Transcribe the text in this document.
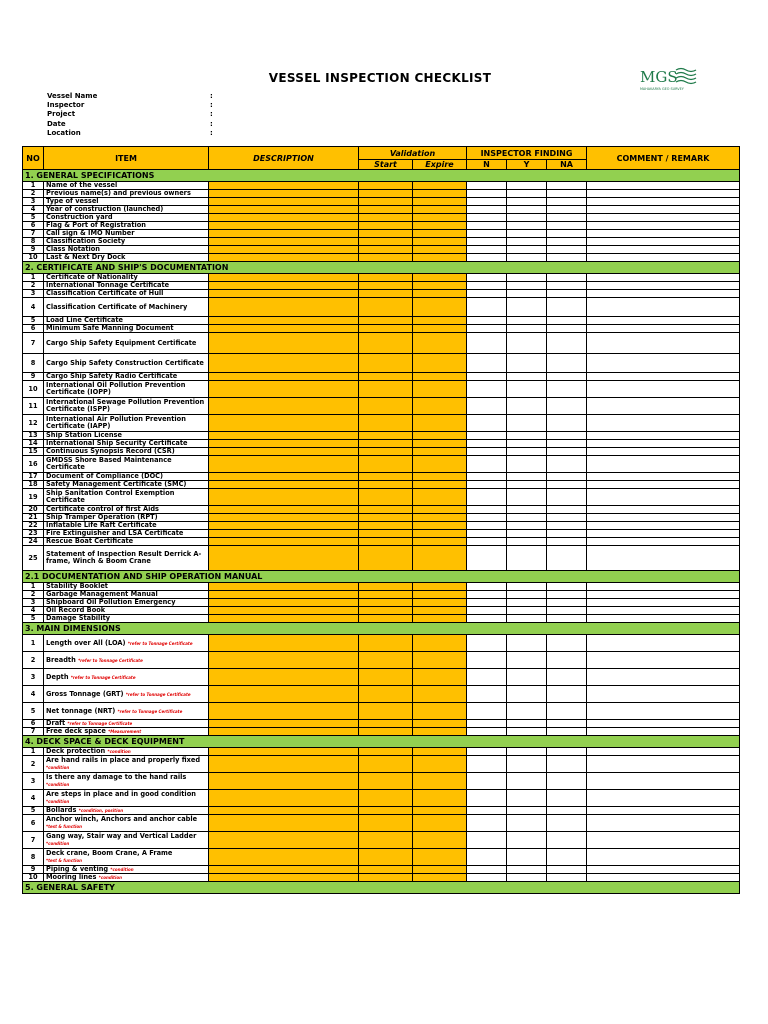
VESSEL INSPECTION CHECKLIST	MGS
MAHAKARYA GEO SURVEY
Vessel Name	:
Inspector	:
Project	:
Date	:
Location	:
NO	ITEM	DESCRIPTION	Validation		INSPECTOR FINDING			COMMENT / REMARK
			Start	Expire	N	Y	NA	
1. GENERAL SPECIFICATIONS								
1	Name of the vessel							
2	Previous name(s) and previous owners							
3	Type of vessel							
4	Year of construction (launched)							
5	Construction yard							
6	Flag & Port of Registration							
7	Call sign & IMO Number							
8	Classification Society							
9	Class Notation							
10	Last & Next Dry Dock							
2. CERTIFICATE AND SHIP'S DOCUMENTATION								
1	Certificate of Nationality							
2	International Tonnage Certificate							
3	Classification Certificate of Hull							
4	Classification Certificate of Machinery							
5	Load Line Certificate							
6	Minimum Safe Manning Document							
7	Cargo Ship Safety Equipment Certificate							
8	Cargo Ship Safety Construction Certificate							
9	Cargo Ship Safety Radio Certificate							
10	International Oil Pollution Prevention Certificate (IOPP)							
11	International Sewage Pollution Prevention Certificate (ISPP)							
12	International Air Pollution Prevention Certificate (IAPP)							
13	Ship Station License							
14	International Ship Security Certificate							
15	Continuous Synopsis Record (CSR)							
16	GMDSS Shore Based Maintenance Certificate							
17	Document of Compliance (DOC)							
18	Safety Management Certificate (SMC)							
19	Ship Sanitation Control Exemption Certificate							
20	Certificate control of first Aids							
21	Ship Tramper Operation (RPT)							
22	Inflatable Life Raft Certificate							
23	Fire Extinguisher and LSA Certificate							
24	Rescue Boat Certificate							
25	Statement of Inspection Result Derrick A-frame, Winch & Boom Crane							
2.1 DOCUMENTATION AND SHIP OPERATION MANUAL								
1	Stability Booklet							
2	Garbage Management Manual							
3	Shipboard Oil Pollution Emergency							
4	Oil Record Book							
5	Damage Stability							
3. MAIN DIMENSIONS								
1	Length over All (LOA) *refer to Tonnage Certificate							
2	Breadth *refer to Tonnage Certificate							
3	Depth *refer to Tonnage Certificate							
4	Gross Tonnage (GRT) *refer to Tonnage Certificate							
5	Net tonnage (NRT) *refer to Tonnage Certificate							
6	Draft *refer to Tonnage Certificate							
7	Free deck space *Measurement							
4. DECK SPACE & DECK EQUIPMENT								
1	Deck protection *condition							
2	Are hand rails in place and properly fixed *condition							
3	Is there any damage to the hand rails *condition							
4	Are steps in place and in good condition *condition							
5	Bollards *condition, position							
6	Anchor winch, Anchors and anchor cable *test & function							
7	Gang way, Stair way and Vertical Ladder *condition							
8	Deck crane, Boom Crane, A Frame *test & function							
9	Piping & venting *condition							
10	Mooring lines *condition							
5. GENERAL SAFETY								
